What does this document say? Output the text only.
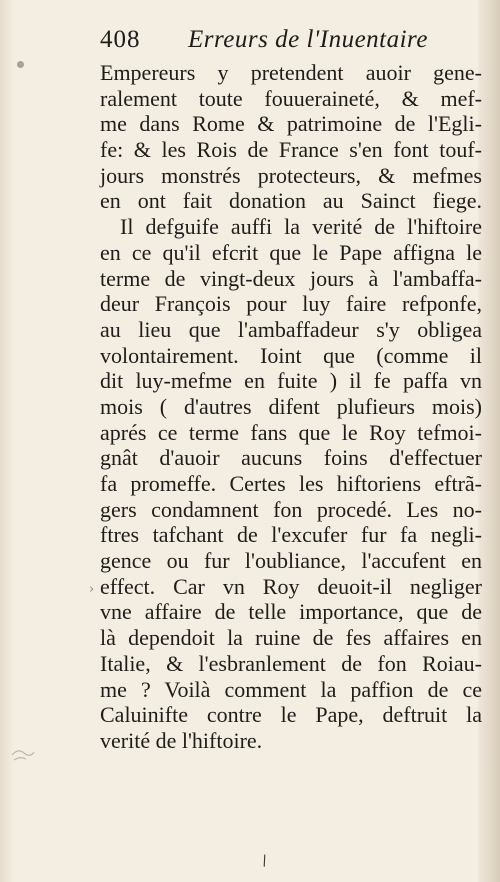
408 Erreurs de l'Inuentaire
Empereurs y pretendent auoir gene-
ralement toute fouueraineté, & mef-
me dans Rome & patrimoine de l'Egli-
fe: & les Rois de France s'en font touf-
jours monstrés protecteurs, & mefmes
en ont fait donation au Sainct fiege.
Il defguife auffi la verité de l'hiftoire
en ce qu'il efcrit que le Pape affigna le
terme de vingt-deux jours à l'ambaffa-
deur François pour luy faire refponfe,
au lieu que l'ambaffadeur s'y obligea
volontairement. Ioint que (comme il
dit luy-mefme en fuite ) il fe paffa vn
mois ( d'autres difent plufieurs mois)
aprés ce terme fans que le Roy tefmoi-
gnât d'auoir aucuns foins d'effectuer
fa promeffe. Certes les hiftoriens eftrã-
gers condamnent fon procedé. Les no-
ftres tafchant de l'excufer fur fa negli-
gence ou fur l'oubliance, l'accufent en
effect. Car vn Roy deuoit-il negliger
vne affaire de telle importance, que de
là dependoit la ruine de fes affaires en
Italie, & l'esbranlement de fon Roiau-
me ? Voilà comment la paffion de ce
Caluinifte contre le Pape, deftruit la
verité de l'hiftoire.
›
\
